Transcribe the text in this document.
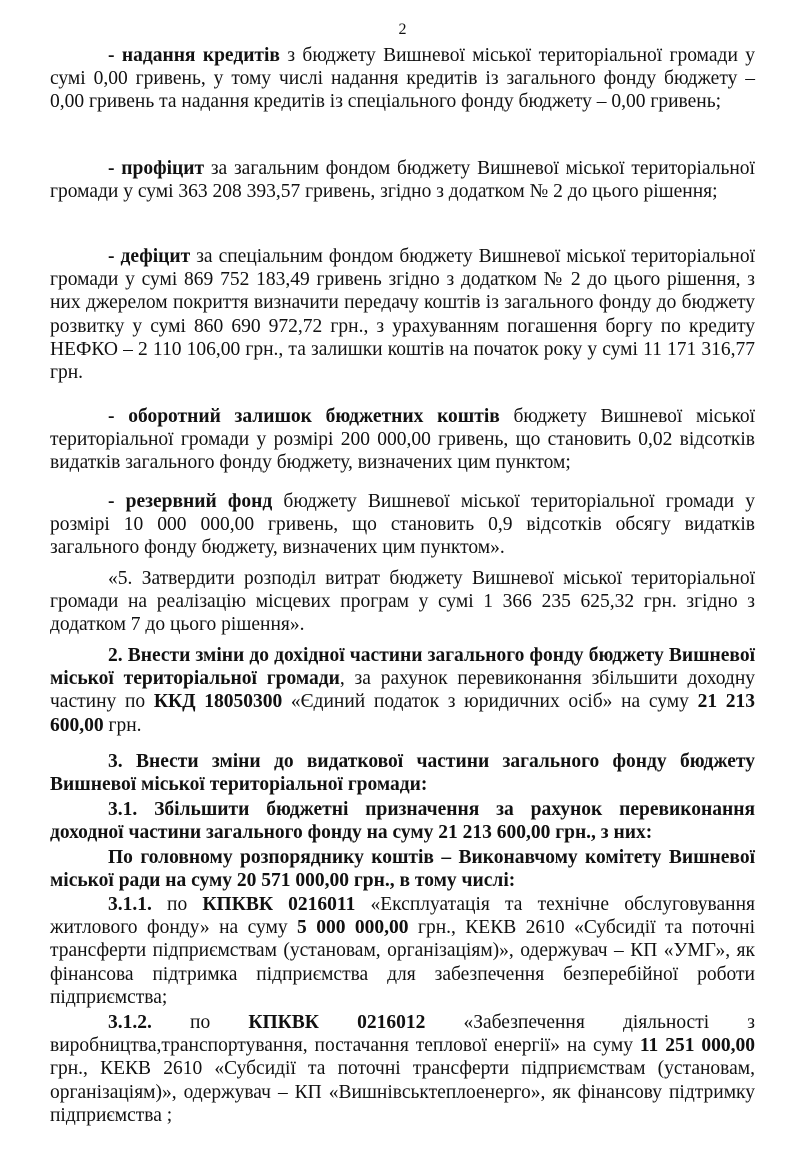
2
- надання кредитів з бюджету Вишневої міської територіальної громади у сумі 0,00 гривень, у тому числі надання кредитів із загального фонду бюджету – 0,00 гривень та надання кредитів із спеціального фонду бюджету – 0,00 гривень;
- профіцит за загальним фондом бюджету Вишневої міської територіальної громади у сумі 363 208 393,57 гривень, згідно з додатком № 2 до цього рішення;
- дефіцит за спеціальним фондом бюджету Вишневої міської територіальної громади у сумі 869 752 183,49 гривень згідно з додатком № 2 до цього рішення, з них джерелом покриття визначити передачу коштів із загального фонду до бюджету розвитку у сумі 860 690 972,72 грн., з урахуванням погашення боргу по кредиту НЕФКО – 2 110 106,00 грн., та залишки коштів на початок року у сумі 11 171 316,77 грн.
- оборотний залишок бюджетних коштів бюджету Вишневої міської територіальної громади у розмірі 200 000,00 гривень, що становить 0,02 відсотків видатків загального фонду бюджету, визначених цим пунктом;
- резервний фонд бюджету Вишневої міської територіальної громади у розмірі 10 000 000,00 гривень, що становить 0,9 відсотків обсягу видатків загального фонду бюджету, визначених цим пунктом».
«5. Затвердити розподіл витрат бюджету Вишневої міської територіальної громади на реалізацію місцевих програм у сумі 1 366 235 625,32 грн. згідно з додатком 7 до цього рішення».
2. Внести зміни до дохідної частини загального фонду бюджету Вишневої міської територіальної громади, за рахунок перевиконання збільшити доходну частину по ККД 18050300 «Єдиний податок з юридичних осіб» на суму 21 213 600,00 грн.
3. Внести зміни до видаткової частини загального фонду бюджету Вишневої міської територіальної громади:
3.1. Збільшити бюджетні призначення за рахунок перевиконання доходної частини загального фонду на суму 21 213 600,00 грн., з них:
По головному розпоряднику коштів – Виконавчому комітету Вишневої міської ради на суму 20 571 000,00 грн., в тому числі:
3.1.1. по КПКВК 0216011 «Експлуатація та технічне обслуговування житлового фонду» на суму 5 000 000,00 грн., КЕКВ 2610 «Субсидії та поточні трансферти підприємствам (установам, організаціям)», одержувач – КП «УМГ», як фінансова підтримка підприємства для забезпечення безперебійної роботи підприємства;
3.1.2. по КПКВК 0216012 «Забезпечення діяльності з виробництва,транспортування, постачання теплової енергії» на суму 11 251 000,00 грн., КЕКВ 2610 «Субсидії та поточні трансферти підприємствам (установам, організаціям)», одержувач – КП «Вишнівськтеплоенерго», як фінансову підтримку підприємства ;
